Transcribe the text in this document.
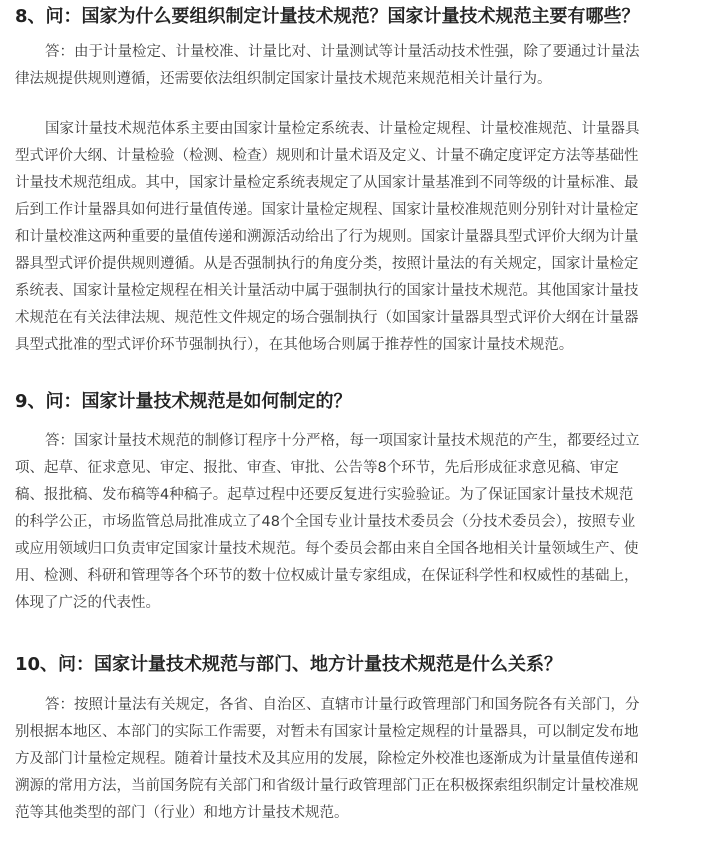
8、问：国家为什么要组织制定计量技术规范？国家计量技术规范主要有哪些？
答：由于计量检定、计量校准、计量比对、计量测试等计量活动技术性强，除了要通过计量法
律法规提供规则遵循，还需要依法组织制定国家计量技术规范来规范相关计量行为。
国家计量技术规范体系主要由国家计量检定系统表、计量检定规程、计量校准规范、计量器具
型式评价大纲、计量检验（检测、检查）规则和计量术语及定义、计量不确定度评定方法等基础性
计量技术规范组成。其中，国家计量检定系统表规定了从国家计量基准到不同等级的计量标准、最
后到工作计量器具如何进行量值传递。国家计量检定规程、国家计量校准规范则分别针对计量检定
和计量校准这两种重要的量值传递和溯源活动给出了行为规则。国家计量器具型式评价大纲为计量
器具型式评价提供规则遵循。从是否强制执行的角度分类，按照计量法的有关规定，国家计量检定
系统表、国家计量检定规程在相关计量活动中属于强制执行的国家计量技术规范。其他国家计量技
术规范在有关法律法规、规范性文件规定的场合强制执行（如国家计量器具型式评价大纲在计量器
具型式批准的型式评价环节强制执行），在其他场合则属于推荐性的国家计量技术规范。
9、问：国家计量技术规范是如何制定的？
答：国家计量技术规范的制修订程序十分严格，每一项国家计量技术规范的产生，都要经过立
项、起草、征求意见、审定、报批、审查、审批、公告等8个环节，先后形成征求意见稿、审定
稿、报批稿、发布稿等4种稿子。起草过程中还要反复进行实验验证。为了保证国家计量技术规范
的科学公正，市场监管总局批准成立了48个全国专业计量技术委员会（分技术委员会），按照专业
或应用领域归口负责审定国家计量技术规范。每个委员会都由来自全国各地相关计量领域生产、使
用、检测、科研和管理等各个环节的数十位权威计量专家组成，在保证科学性和权威性的基础上，
体现了广泛的代表性。
10、问：国家计量技术规范与部门、地方计量技术规范是什么关系？
答：按照计量法有关规定，各省、自治区、直辖市计量行政管理部门和国务院各有关部门，分
别根据本地区、本部门的实际工作需要，对暂未有国家计量检定规程的计量器具，可以制定发布地
方及部门计量检定规程。随着计量技术及其应用的发展，除检定外校准也逐渐成为计量量值传递和
溯源的常用方法，当前国务院有关部门和省级计量行政管理部门正在积极探索组织制定计量校准规
范等其他类型的部门（行业）和地方计量技术规范。
